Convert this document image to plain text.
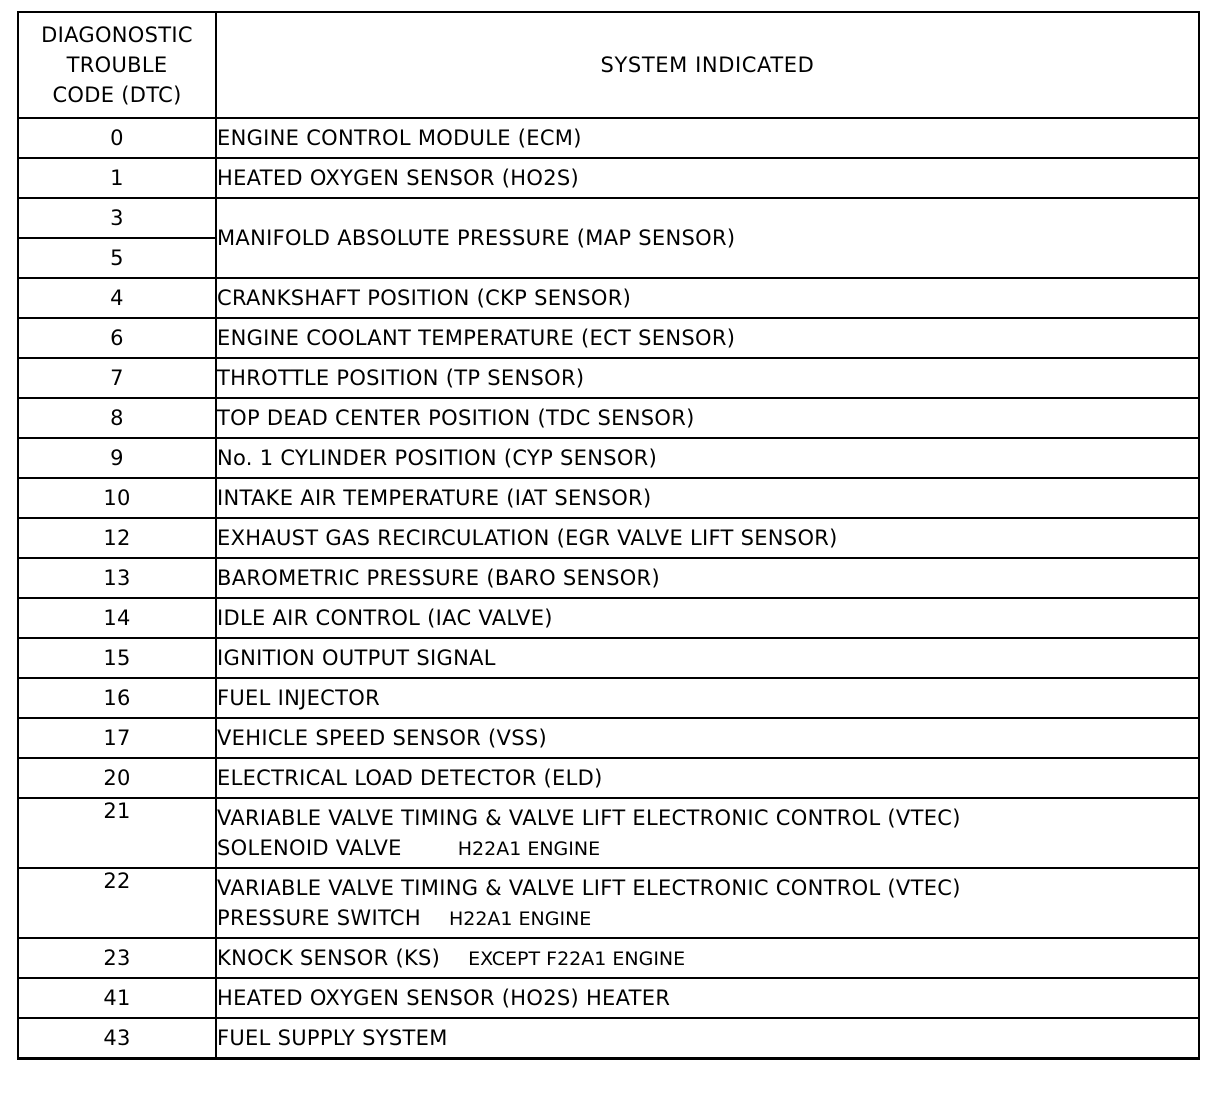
DIAGONOSTIC
TROUBLE
CODE (DTC)	SYSTEM INDICATED
0	ENGINE CONTROL MODULE (ECM)
1	HEATED OXYGEN SENSOR (HO2S)
3	MANIFOLD ABSOLUTE PRESSURE (MAP SENSOR)
5	
4	CRANKSHAFT POSITION (CKP SENSOR)
6	ENGINE COOLANT TEMPERATURE (ECT SENSOR)
7	THROTTLE POSITION (TP SENSOR)
8	TOP DEAD CENTER POSITION (TDC SENSOR)
9	No. 1 CYLINDER POSITION (CYP SENSOR)
10	INTAKE AIR TEMPERATURE (IAT SENSOR)
12	EXHAUST GAS RECIRCULATION (EGR VALVE LIFT SENSOR)
13	BAROMETRIC PRESSURE (BARO SENSOR)
14	IDLE AIR CONTROL (IAC VALVE)
15	IGNITION OUTPUT SIGNAL
16	FUEL INJECTOR
17	VEHICLE SPEED SENSOR (VSS)
20	ELECTRICAL LOAD DETECTOR (ELD)
21	VARIABLE VALVE TIMING & VALVE LIFT ELECTRONIC CONTROL (VTEC)
SOLENOID VALVE H22A1 ENGINE
22	VARIABLE VALVE TIMING & VALVE LIFT ELECTRONIC CONTROL (VTEC)
PRESSURE SWITCH H22A1 ENGINE
23	KNOCK SENSOR (KS) EXCEPT F22A1 ENGINE
41	HEATED OXYGEN SENSOR (HO2S) HEATER
43	FUEL SUPPLY SYSTEM
